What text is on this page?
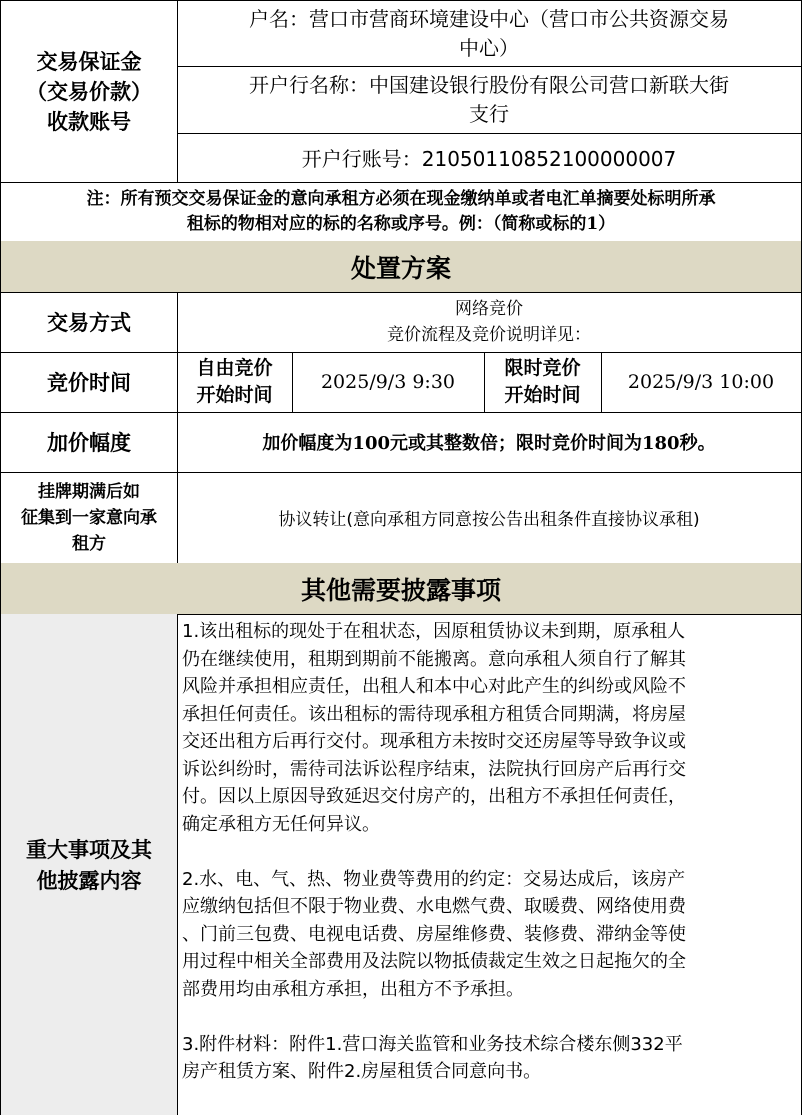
交易保证金
（交易价款）
收款账号
户名：营口市营商环境建设中心（营口市公共资源交易
中心）
开户行名称：中国建设银行股份有限公司营口新联大街
支行
开户行账号：21050110852100000007
注：所有预交交易保证金的意向承租方必须在现金缴纳单或者电汇单摘要处标明所承
租标的物相对应的标的名称或序号。例：（简称或标的1）
处置方案
交易方式
网络竞价
竞价流程及竞价说明详见：
竞价时间
自由竞价
开始时间
2025/9/3 9:30
限时竞价
开始时间
2025/9/3 10:00
加价幅度	加价幅度为100元或其整数倍；限时竞价时间为180秒。
挂牌期满后如
征集到一家意向承
租方
协议转让(意向承租方同意按公告出租条件直接协议承租)
其他需要披露事项
重大事项及其
他披露内容
1.该出租标的现处于在租状态，因原租赁协议未到期，原承租人
仍在继续使用，租期到期前不能搬离。意向承租人须自行了解其
风险并承担相应责任，出租人和本中心对此产生的纠纷或风险不
承担任何责任。该出租标的需待现承租方租赁合同期满，将房屋
交还出租方后再行交付。现承租方未按时交还房屋等导致争议或
诉讼纠纷时，需待司法诉讼程序结束，法院执行回房产后再行交
付。因以上原因导致延迟交付房产的，出租方不承担任何责任，
确定承租方无任何异议。
2.水、电、气、热、物业费等费用的约定：交易达成后，该房产
应缴纳包括但不限于物业费、水电燃气费、取暖费、网络使用费
、门前三包费、电视电话费、房屋维修费、装修费、滞纳金等使
用过程中相关全部费用及法院以物抵债裁定生效之日起拖欠的全
部费用均由承租方承担，出租方不予承担。
3.附件材料：附件1.营口海关监管和业务技术综合楼东侧332平
房产租赁方案、附件2.房屋租赁合同意向书。
